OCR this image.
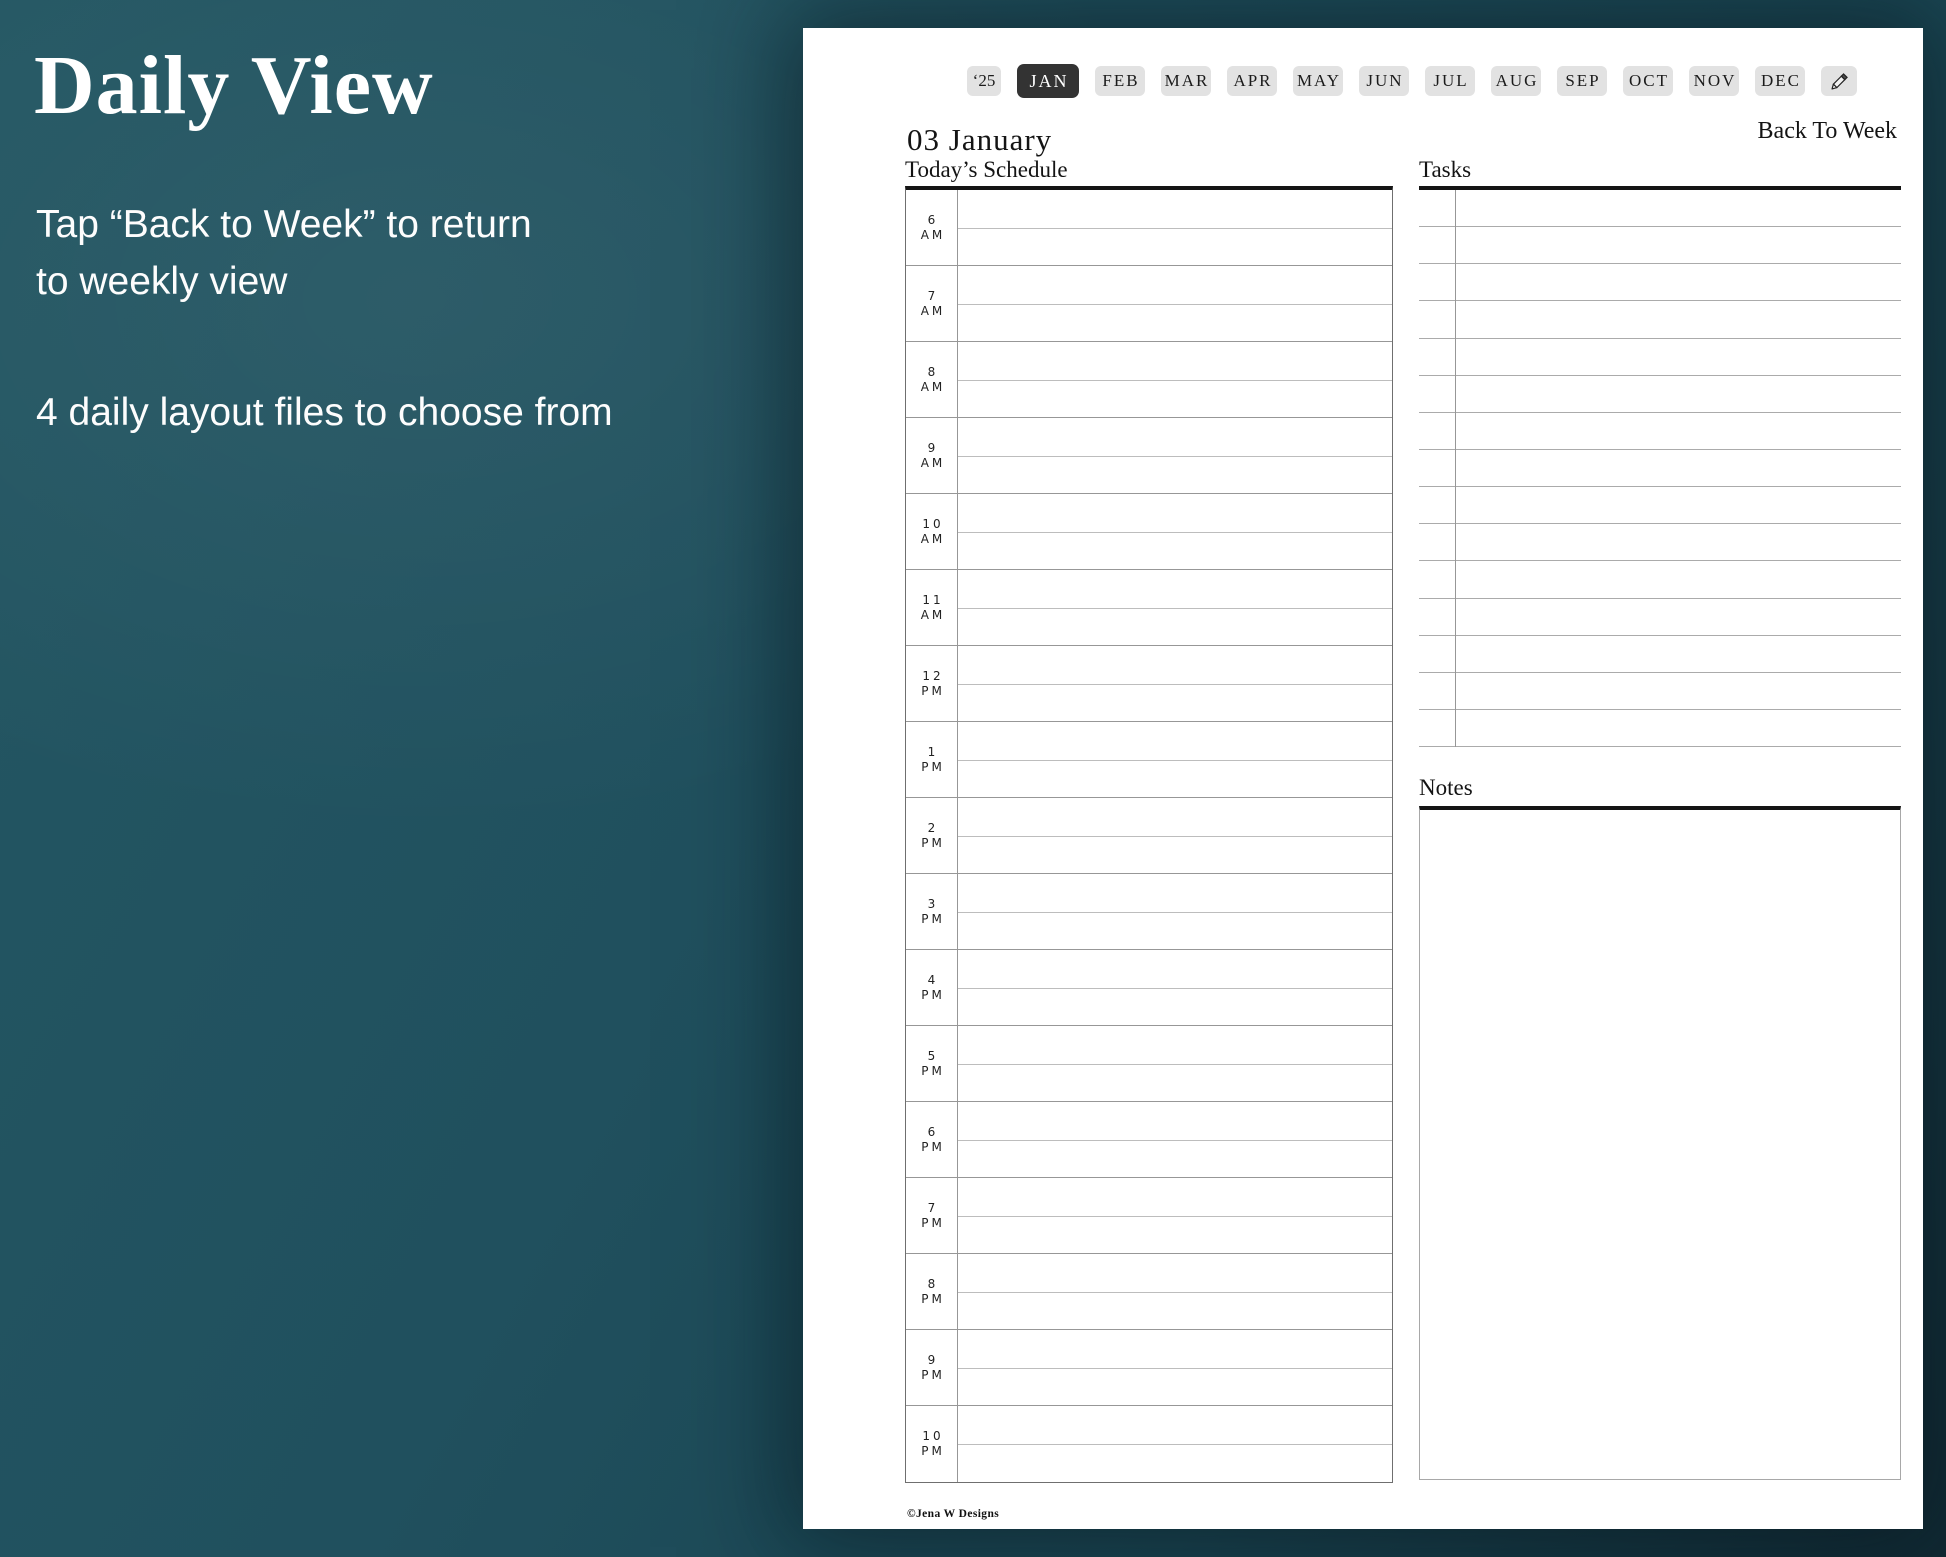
Daily View

Tap “Back to Week” to return
to weekly view

4 daily layout files to choose from

‘25	JAN	FEB	MAR	APR MAY	JUN	JUL	AUG	SEP	OCT NOV	DEC
Back To Week
03 January
Today’s Schedule
6
AM
7
AM
8
AM
9
AM
10
AM
11
AM
12
PM
1
PM
2
PM
3
PM
4
PM
5
PM
6
PM
7
PM
8
PM
9
PM
10
PM
Tasks
Notes
©Jena W Designs
